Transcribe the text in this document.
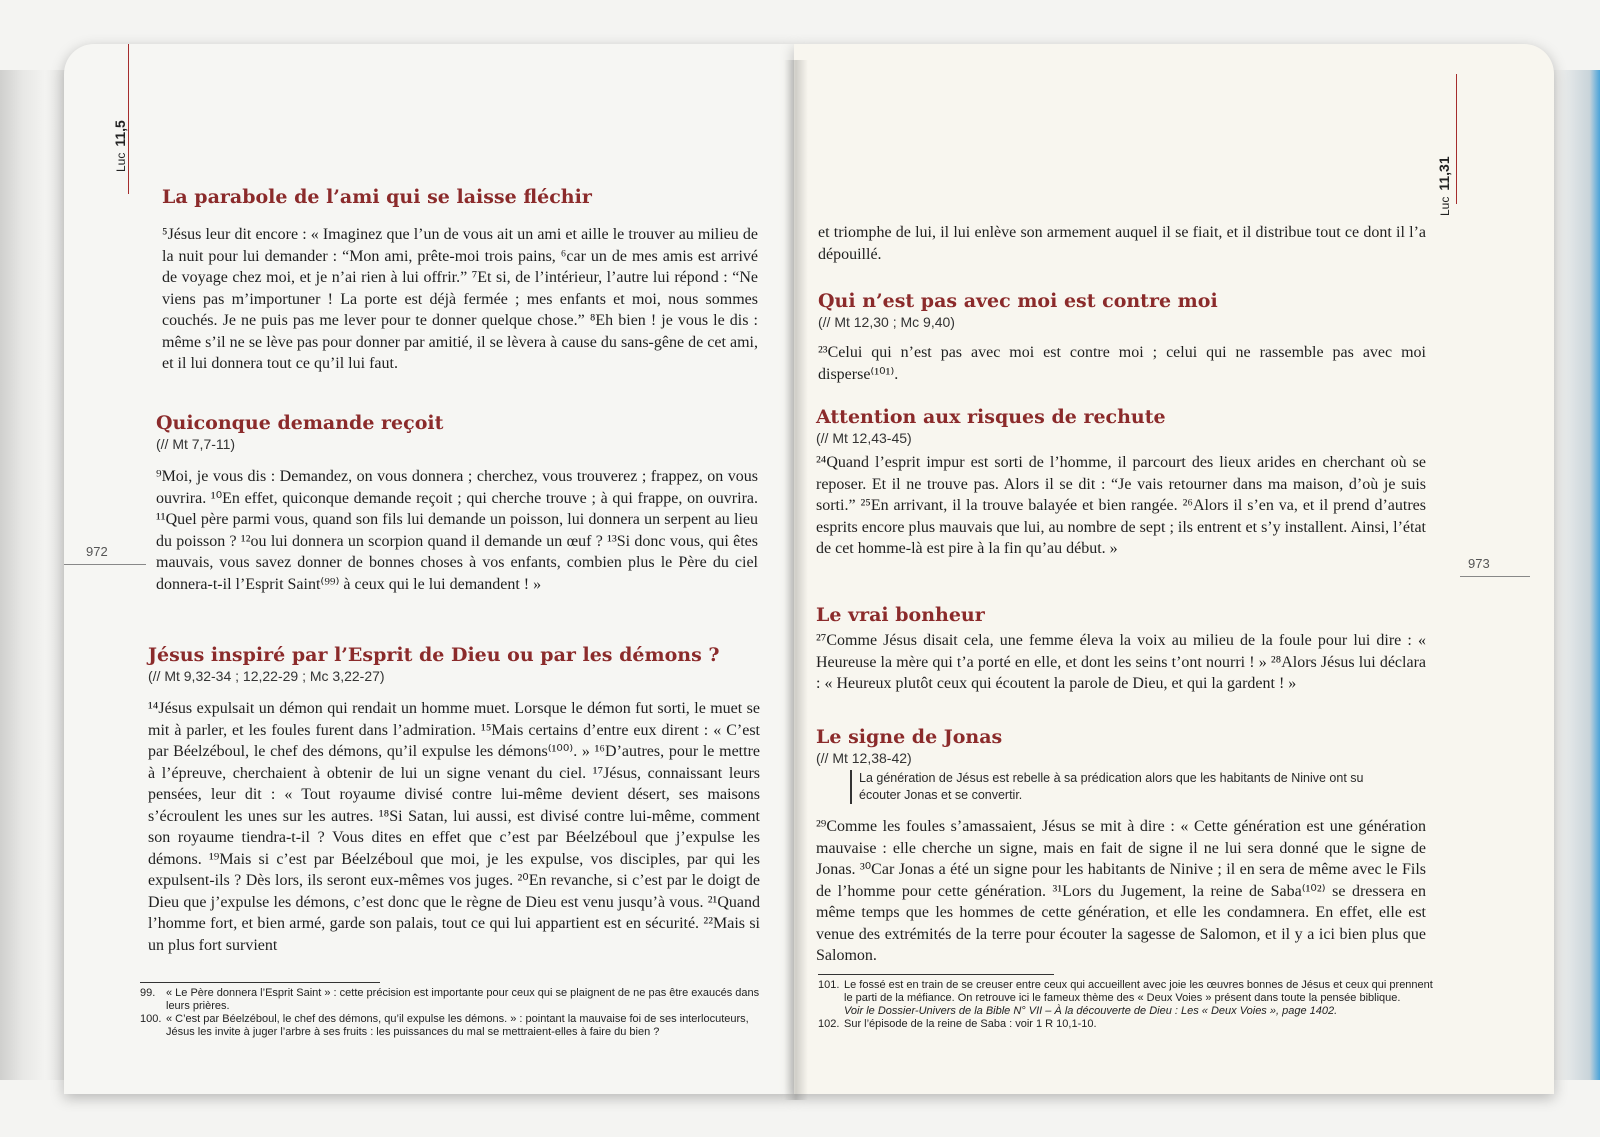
Luc11,5
972
La parabole de l’ami qui se laisse fléchir

⁵Jésus leur dit encore : « Imaginez que l’un de vous ait un ami et aille le trouver au milieu de la nuit pour lui demander : “Mon ami, prête-moi trois pains, ⁶car un de mes amis est arrivé de voyage chez moi, et je n’ai rien à lui offrir.” ⁷Et si, de l’intérieur, l’autre lui répond : “Ne viens pas m’importuner ! La porte est déjà fermée ; mes enfants et moi, nous sommes couchés. Je ne puis pas me lever pour te donner quelque chose.” ⁸Eh bien ! je vous le dis : même s’il ne se lève pas pour donner par amitié, il se lèvera à cause du sans-gêne de cet ami, et il lui donnera tout ce qu’il lui faut.

Quiconque demande reçoit

(// Mt 7,7-11)

⁹Moi, je vous dis : Demandez, on vous donnera ; cherchez, vous trouverez ; frappez, on vous ouvrira. ¹⁰En effet, quiconque demande reçoit ; qui cherche trouve ; à qui frappe, on ouvrira. ¹¹Quel père parmi vous, quand son fils lui demande un poisson, lui donnera un serpent au lieu du poisson ? ¹²ou lui donnera un scorpion quand il demande un œuf ? ¹³Si donc vous, qui êtes mauvais, vous savez donner de bonnes choses à vos enfants, combien plus le Père du ciel donnera-t-il l’Esprit Saint⁽⁹⁹⁾ à ceux qui le lui demandent ! »

Jésus inspiré par l’Esprit de Dieu ou par les démons ?

(// Mt 9,32-34 ; 12,22-29 ; Mc 3,22-27)

¹⁴Jésus expulsait un démon qui rendait un homme muet. Lorsque le démon fut sorti, le muet se mit à parler, et les foules furent dans l’admiration. ¹⁵Mais certains d’entre eux dirent : « C’est par Béelzéboul, le chef des démons, qu’il expulse les démons⁽¹⁰⁰⁾. » ¹⁶D’autres, pour le mettre à l’épreuve, cherchaient à obtenir de lui un signe venant du ciel. ¹⁷Jésus, connaissant leurs pensées, leur dit : « Tout royaume divisé contre lui-même devient désert, ses maisons s’écroulent les unes sur les autres. ¹⁸Si Satan, lui aussi, est divisé contre lui-même, comment son royaume tiendra-t-il ? Vous dites en effet que c’est par Béelzéboul que j’expulse les démons. ¹⁹Mais si c’est par Béelzéboul que moi, je les expulse, vos disciples, par qui les expulsent-ils ? Dès lors, ils seront eux-mêmes vos juges. ²⁰En revanche, si c’est par le doigt de Dieu que j’expulse les démons, c’est donc que le règne de Dieu est venu jusqu’à vous. ²¹Quand l’homme fort, et bien armé, garde son palais, tout ce qui lui appartient est en sécurité. ²²Mais si un plus fort survient

99. « Le Père donnera l’Esprit Saint » : cette précision est importante pour ceux qui se plaignent de ne pas être exaucés dans leurs prières.
100. « C’est par Béelzéboul, le chef des démons, qu’il expulse les démons. » : pointant la mauvaise foi de ses interlocuteurs, Jésus les invite à juger l’arbre à ses fruits : les puissances du mal se mettraient-elles à faire du bien ?
Luc11,31
973

et triomphe de lui, il lui enlève son armement auquel il se fiait, et il distribue tout ce dont il l’a dépouillé.

Qui n’est pas avec moi est contre moi

(// Mt 12,30 ; Mc 9,40)

²³Celui qui n’est pas avec moi est contre moi ; celui qui ne rassemble pas avec moi disperse⁽¹⁰¹⁾.

Attention aux risques de rechute

(// Mt 12,43-45)

²⁴Quand l’esprit impur est sorti de l’homme, il parcourt des lieux arides en cherchant où se reposer. Et il ne trouve pas. Alors il se dit : “Je vais retourner dans ma maison, d’où je suis sorti.” ²⁵En arrivant, il la trouve balayée et bien rangée. ²⁶Alors il s’en va, et il prend d’autres esprits encore plus mauvais que lui, au nombre de sept ; ils entrent et s’y installent. Ainsi, l’état de cet homme-là est pire à la fin qu’au début. »

Le vrai bonheur

²⁷Comme Jésus disait cela, une femme éleva la voix au milieu de la foule pour lui dire : « Heureuse la mère qui t’a porté en elle, et dont les seins t’ont nourri ! » ²⁸Alors Jésus lui déclara : « Heureux plutôt ceux qui écoutent la parole de Dieu, et qui la gardent ! »

Le signe de Jonas

(// Mt 12,38-42)

La génération de Jésus est rebelle à sa prédication alors que les habitants de Ninive ont su écouter Jonas et se convertir.

²⁹Comme les foules s’amassaient, Jésus se mit à dire : « Cette génération est une génération mauvaise : elle cherche un signe, mais en fait de signe il ne lui sera donné que le signe de Jonas. ³⁰Car Jonas a été un signe pour les habitants de Ninive ; il en sera de même avec le Fils de l’homme pour cette génération. ³¹Lors du Jugement, la reine de Saba⁽¹⁰²⁾ se dressera en même temps que les hommes de cette génération, et elle les condamnera. En effet, elle est venue des extrémités de la terre pour écouter la sagesse de Salomon, et il y a ici bien plus que Salomon.

101. Le fossé est en train de se creuser entre ceux qui accueillent avec joie les œuvres bonnes de Jésus et ceux qui prennent le parti de la méfiance. On retrouve ici le fameux thème des « Deux Voies » présent dans toute la pensée biblique.
Voir le Dossier-Univers de la Bible N° VII – À la découverte de Dieu : Les « Deux Voies », page 1402.
102. Sur l’épisode de la reine de Saba : voir 1 R 10,1-10.
